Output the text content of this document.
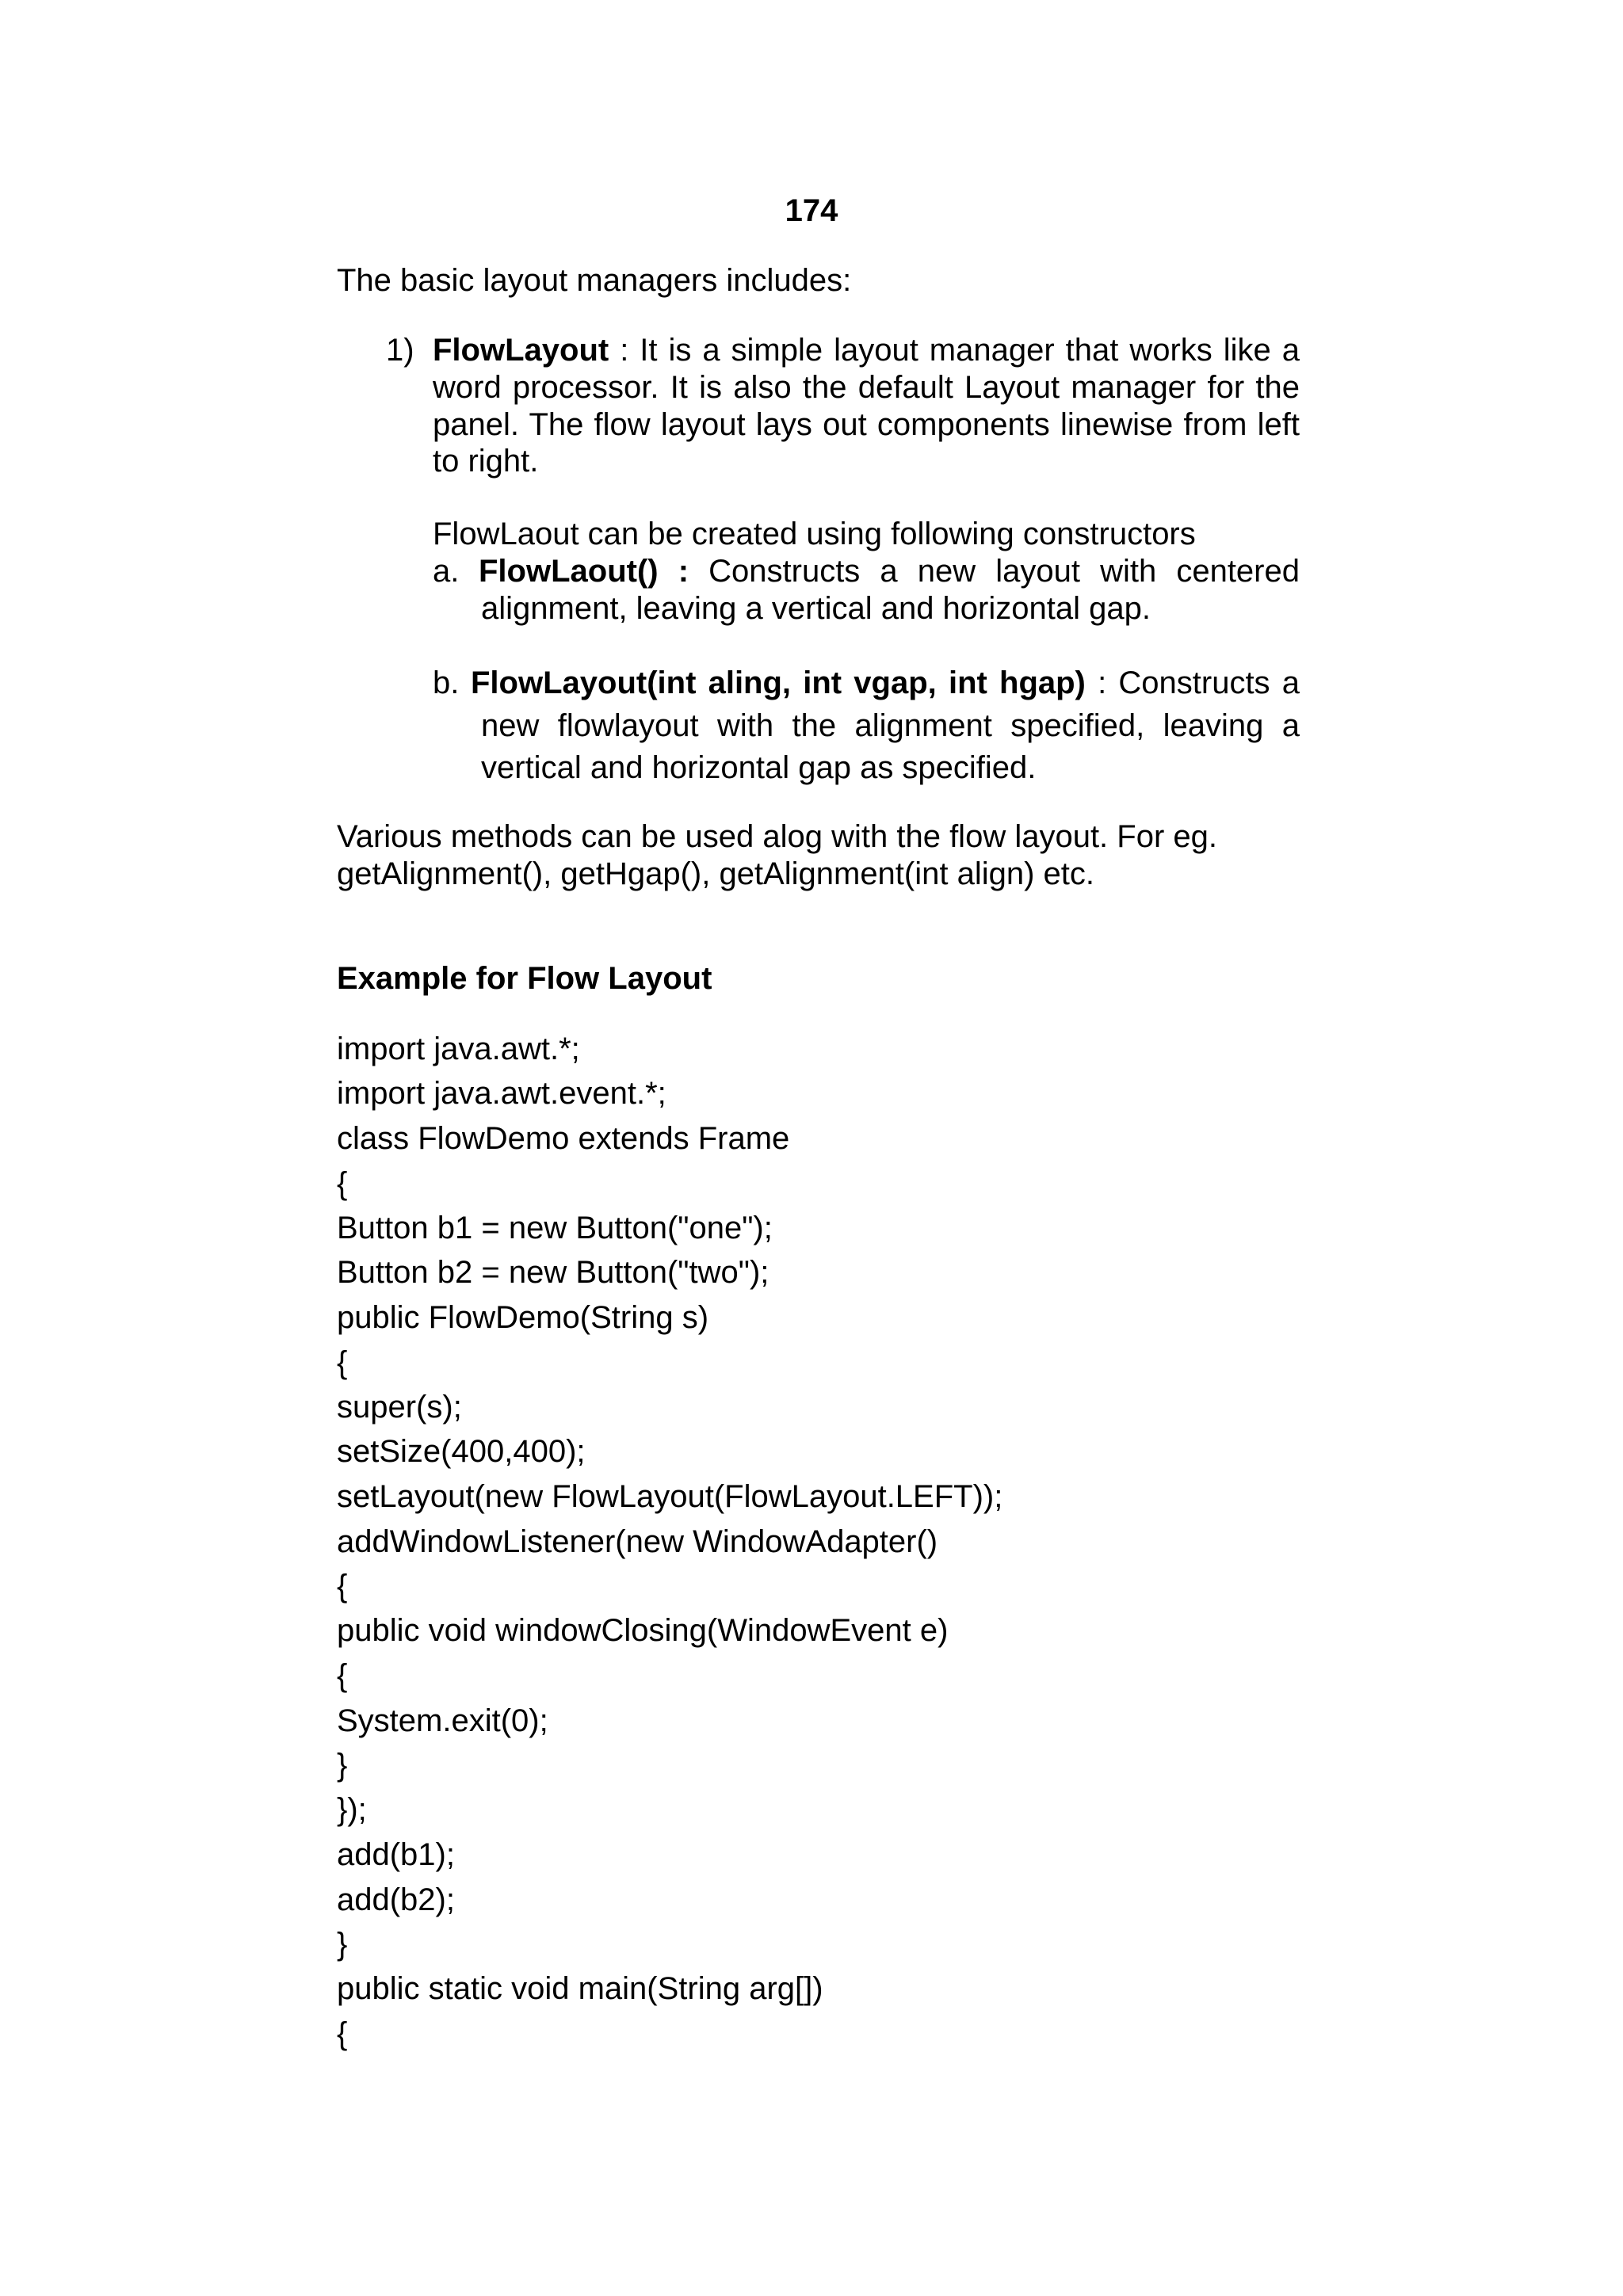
174
The basic layout managers includes:
1) FlowLayout : It is a simple layout manager that works like a
word processor. It is also the default Layout manager for the
panel. The flow layout lays out components linewise from left
to right.
FlowLaout can be created using following constructors
a. FlowLaout() : Constructs a new layout with centered
alignment, leaving a vertical and horizontal gap.
b. FlowLayout(int aling, int vgap, int hgap) : Constructs a
new flowlayout with the alignment specified, leaving a
vertical and horizontal gap as specified.
Various methods can be used alog with the flow layout. For eg.
getAlignment(), getHgap(), getAlignment(int align) etc.
Example for Flow Layout
import java.awt.*;
import java.awt.event.*;
class FlowDemo extends Frame
{
Button b1 = new Button("one");
Button b2 = new Button("two");
public FlowDemo(String s)
{
super(s);
setSize(400,400);
setLayout(new FlowLayout(FlowLayout.LEFT));
addWindowListener(new WindowAdapter()
{
public void windowClosing(WindowEvent e)
{
System.exit(0);
}
});
add(b1);
add(b2);
}
public static void main(String arg[])
{
